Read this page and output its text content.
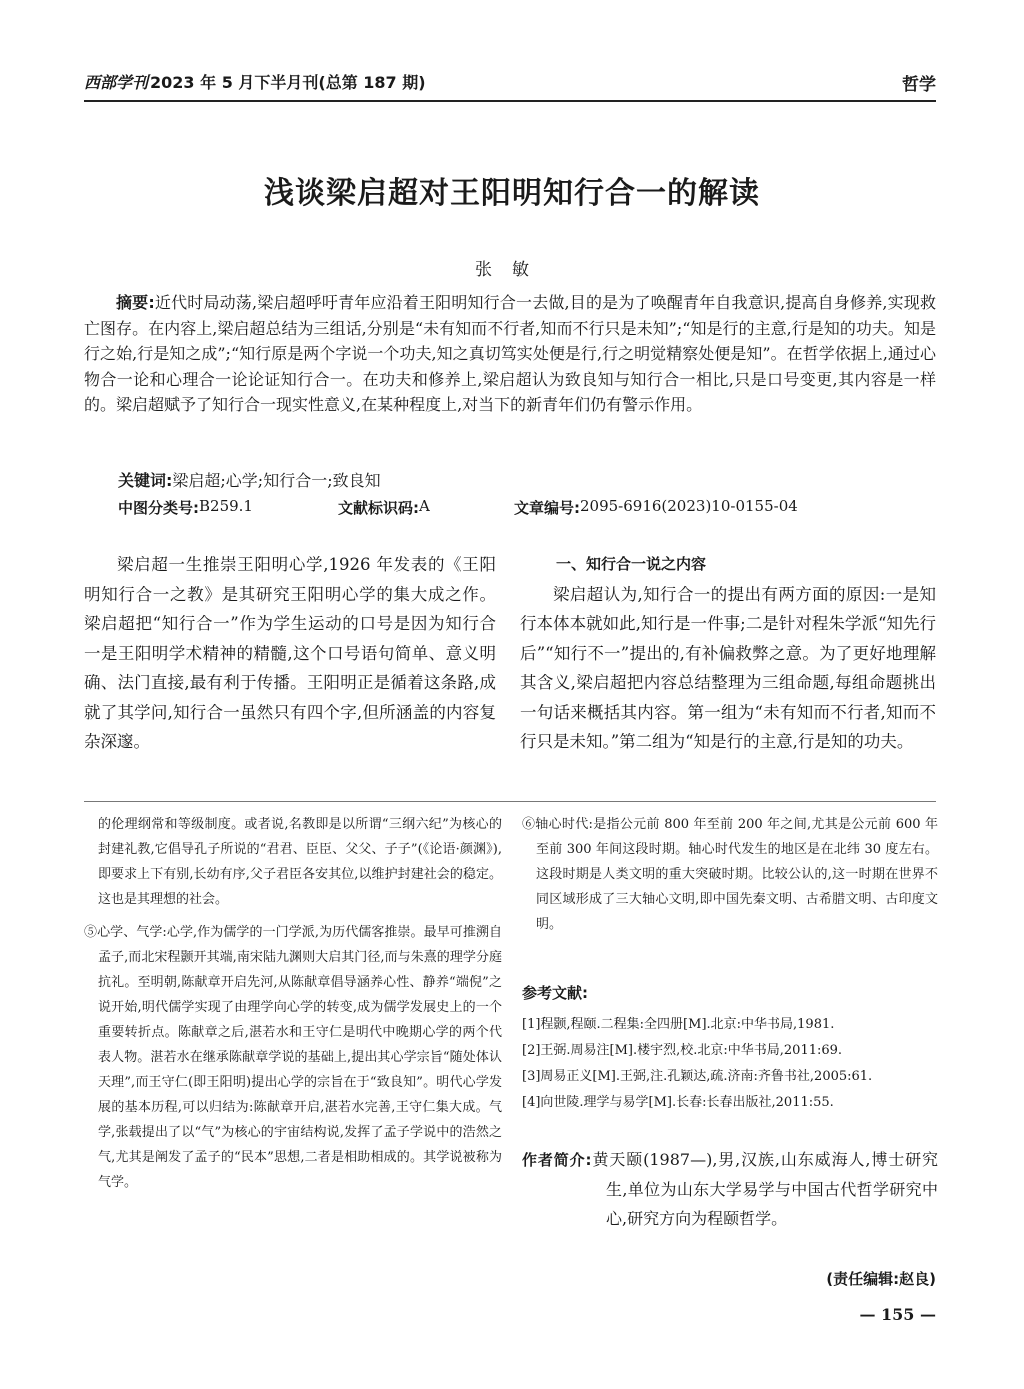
西部学刊 2023 年 5 月下半月刊(总第 187 期)	哲学
浅谈梁启超对王阳明知行合一的解读
张敏
摘要:近代时局动荡,梁启超呼吁青年应沿着王阳明知行合一去做,目的是为了唤醒青年自我意识,提高自身修养,实现救亡图存。在内容上,梁启超总结为三组话,分别是“未有知而不行者,知而不行只是未知”;“知是行的主意,行是知的功夫。知是行之始,行是知之成”;“知行原是两个字说一个功夫,知之真切笃实处便是行,行之明觉精察处便是知”。在哲学依据上,通过心物合一论和心理合一论论证知行合一。在功夫和修养上,梁启超认为致良知与知行合一相比,只是口号变更,其内容是一样的。梁启超赋予了知行合一现实性意义,在某种程度上,对当下的新青年们仍有警示作用。
关键词:梁启超;心学;知行合一;致良知
中图分类号: B259.1	文献标识码: A	文章编号: 2095-6916(2023)10-0155-04

梁启超一生推崇王阳明心学,1926 年发表的《王阳明知行合一之教》是其研究王阳明心学的集大成之作。梁启超把“知行合一”作为学生运动的口号是因为知行合一是王阳明学术精神的精髓,这个口号语句简单、意义明确、法门直接,最有利于传播。王阳明正是循着这条路,成就了其学问,知行合一虽然只有四个字,但所涵盖的内容复杂深邃。

一、知行合一说之内容

梁启超认为,知行合一的提出有两方面的原因:一是知行本体本就如此,知行是一件事;二是针对程朱学派“知先行后”“知行不一”提出的,有补偏救弊之意。为了更好地理解其含义,梁启超把内容总结整理为三组命题,每组命题挑出一句话来概括其内容。第一组为“未有知而不行者,知而不行只是未知。”第二组为“知是行的主意,行是知的功夫。

的伦理纲常和等级制度。或者说,名教即是以所谓“三纲六纪”为核心的封建礼教,它倡导孔子所说的“君君、臣臣、父父、子子”(《论语·颜渊》),即要求上下有别,长幼有序,父子君臣各安其位,以维护封建社会的稳定。这也是其理想的社会。

⑤心学、气学:心学,作为儒学的一门学派,为历代儒客推崇。最早可推溯自孟子,而北宋程颢开其端,南宋陆九渊则大启其门径,而与朱熹的理学分庭抗礼。至明朝,陈献章开启先河,从陈献章倡导涵养心性、静养“端倪”之说开始,明代儒学实现了由理学向心学的转变,成为儒学发展史上的一个重要转折点。陈献章之后,湛若水和王守仁是明代中晚期心学的两个代表人物。湛若水在继承陈献章学说的基础上,提出其心学宗旨“随处体认天理”,而王守仁(即王阳明)提出心学的宗旨在于“致良知”。明代心学发展的基本历程,可以归结为:陈献章开启,湛若水完善,王守仁集大成。气学,张载提出了以“气”为核心的宇宙结构说,发挥了孟子学说中的浩然之气,尤其是阐发了孟子的“民本”思想,二者是相助相成的。其学说被称为气学。

⑥轴心时代:是指公元前 800 年至前 200 年之间,尤其是公元前 600 年至前 300 年间这段时期。轴心时代发生的地区是在北纬 30 度左右。这段时期是人类文明的重大突破时期。比较公认的,这一时期在世界不同区域形成了三大轴心文明,即中国先秦文明、古希腊文明、古印度文明。

参考文献:
[1]程颢,程颐.二程集:全四册[M].北京:中华书局,1981.
[2]王弼.周易注[M].楼宇烈,校.北京:中华书局,2011:69.
[3]周易正义[M].王弼,注.孔颖达,疏.济南:齐鲁书社,2005:61.
[4]向世陵.理学与易学[M].长春:长春出版社,2011:55.
作者简介:黄天颐(1987—),男,汉族,山东威海人,博士研究生,单位为山东大学易学与中国古代哲学研究中心,研究方向为程颐哲学。
(责任编辑:赵良)
— 155 —
